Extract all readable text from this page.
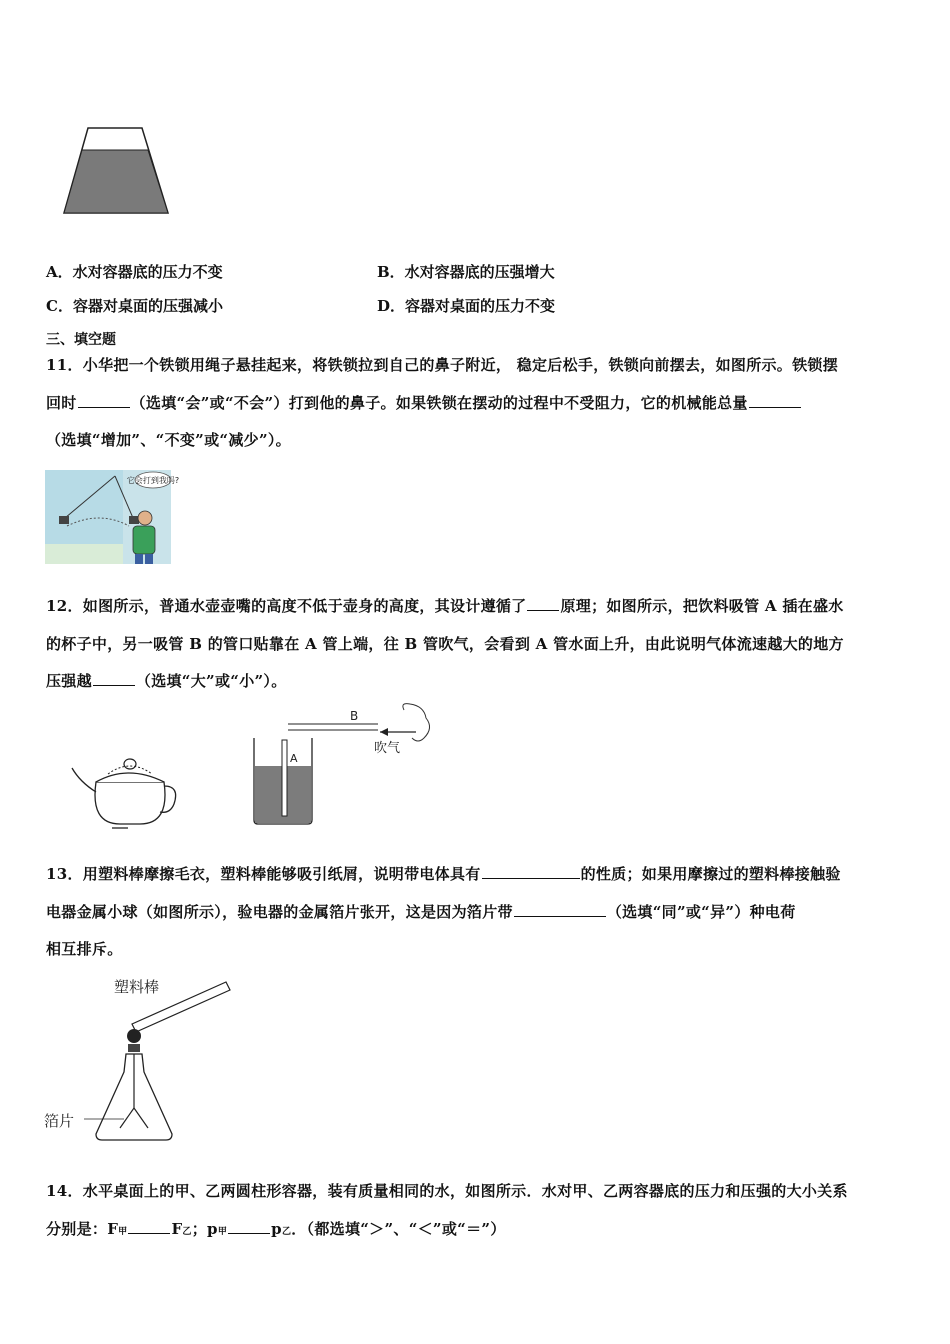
A．水对容器底的压力不变	B．水对容器底的压强增大
C．容器对桌面的压强减小	D．容器对桌面的压力不变
三、填空题
11．小华把一个铁锁用绳子悬挂起来，将铁锁拉到自己的鼻子附近， 稳定后松手，铁锁向前摆去，如图所示。铁锁摆
回时	（选填“会”或“不会”）打到他的鼻子。如果铁锁在摆动的过程中不受阻力，它的机械能总量
（选填“增加”、“不变”或“减少”）。
它会打到我吗?
12．如图所示，普通水壶壶嘴的高度不低于壶身的高度，其设计遵循了 原理；如图所示，把饮料吸管 A 插在盛水
的杯子中，另一吸管 B 的管口贴靠在 A 管上端，往 B 管吹气，会看到 A 管水面上升，由此说明气体流速越大的地方
压强越	（选填“大”或“小”）。
B
A
吹气
13．用塑料棒摩擦毛衣，塑料棒能够吸引纸屑，说明带电体具有	的性质；如果用摩擦过的塑料棒接触验
电器金属小球（如图所示），验电器的金属箔片张开，这是因为箔片带	（选填“同”或“异”）种电荷
相互排斥。
塑料棒
箔片
14．水平桌面上的甲、乙两圆柱形容器，装有质量相同的水，如图所示．水对甲、乙两容器底的压力和压强的大小关系
分别是：F甲	F乙；p甲	p乙．（都选填“＞”、“＜”或“＝”）
